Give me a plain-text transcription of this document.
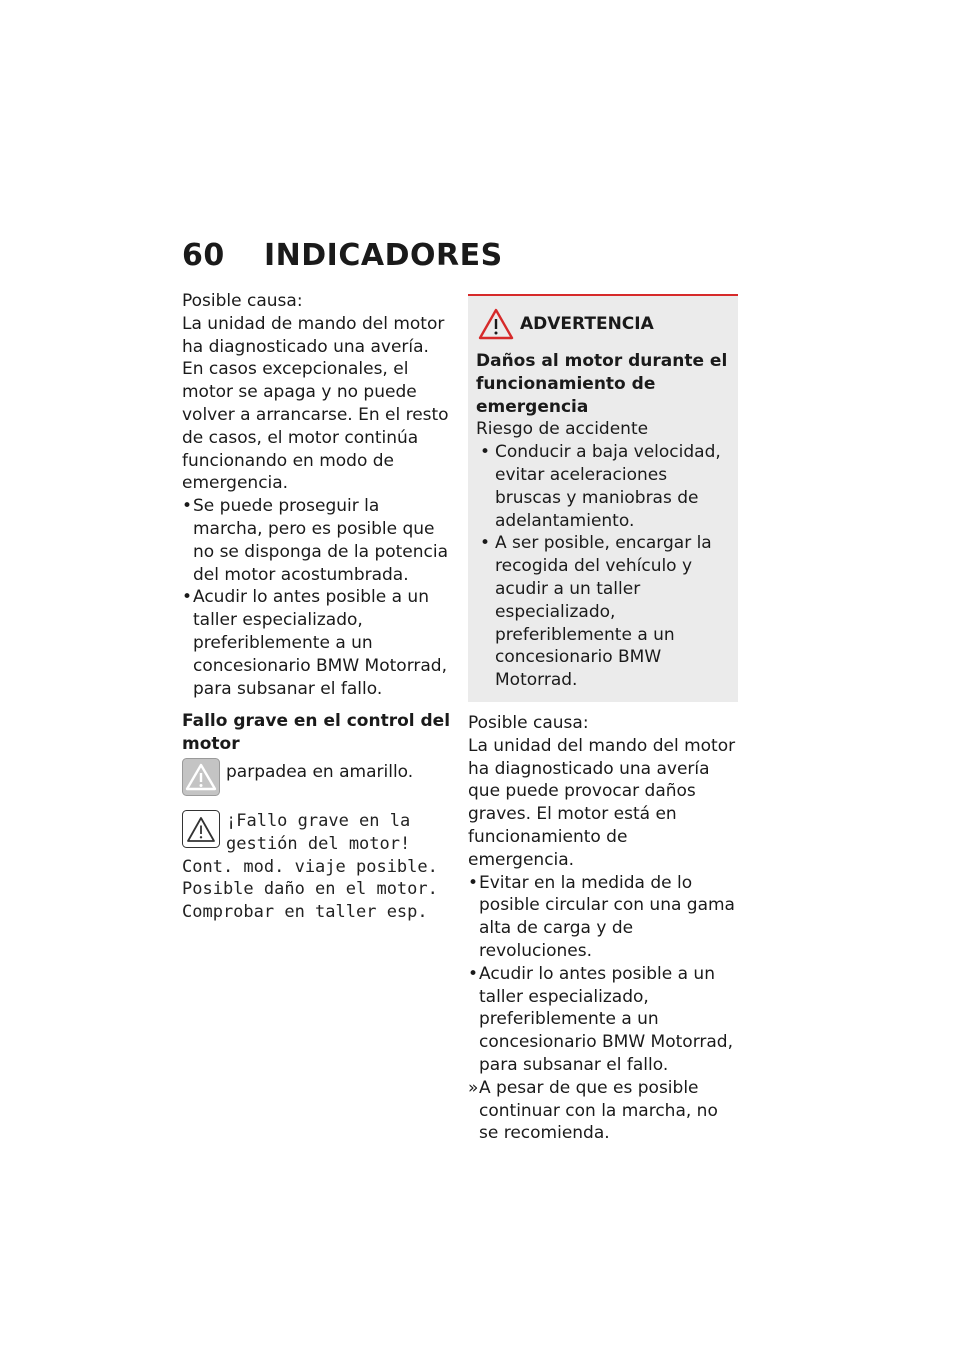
60 INDICADORES

Posible causa:

La unidad de mando del motor ha diagnosticado una avería. En casos excepcionales, el motor se apaga y no puede volver a arrancarse. En el resto de casos, el motor continúa funcionando en modo de emergencia.

• Se puede proseguir la marcha, pero es posible que no se disponga de la potencia del motor acostumbrada.
• Acudir lo antes posible a un taller especializado, preferiblemente a un concesionario BMW Motorrad, para subsanar el fallo.

Fallo grave en el control del motor

parpadea en amarillo.

¡Fallo grave en la gestión del motor!
Cont. mod. viaje posible. Posible daño en el motor. Comprobar en taller esp.
ADVERTENCIA

Daños al motor durante el funcionamiento de emergencia

Riesgo de accidente

• Conducir a baja velocidad, evitar aceleraciones bruscas y maniobras de adelantamiento.
• A ser posible, encargar la recogida del vehículo y acudir a un taller especializado, preferiblemente a un concesionario BMW Motorrad.

Posible causa:

La unidad del mando del motor ha diagnosticado una avería que puede provocar daños graves. El motor está en funcionamiento de emergencia.

• Evitar en la medida de lo posible circular con una gama alta de carga y de revoluciones.
• Acudir lo antes posible a un taller especializado, preferiblemente a un concesionario BMW Motorrad, para subsanar el fallo.
» A pesar de que es posible continuar con la marcha, no se recomienda.
